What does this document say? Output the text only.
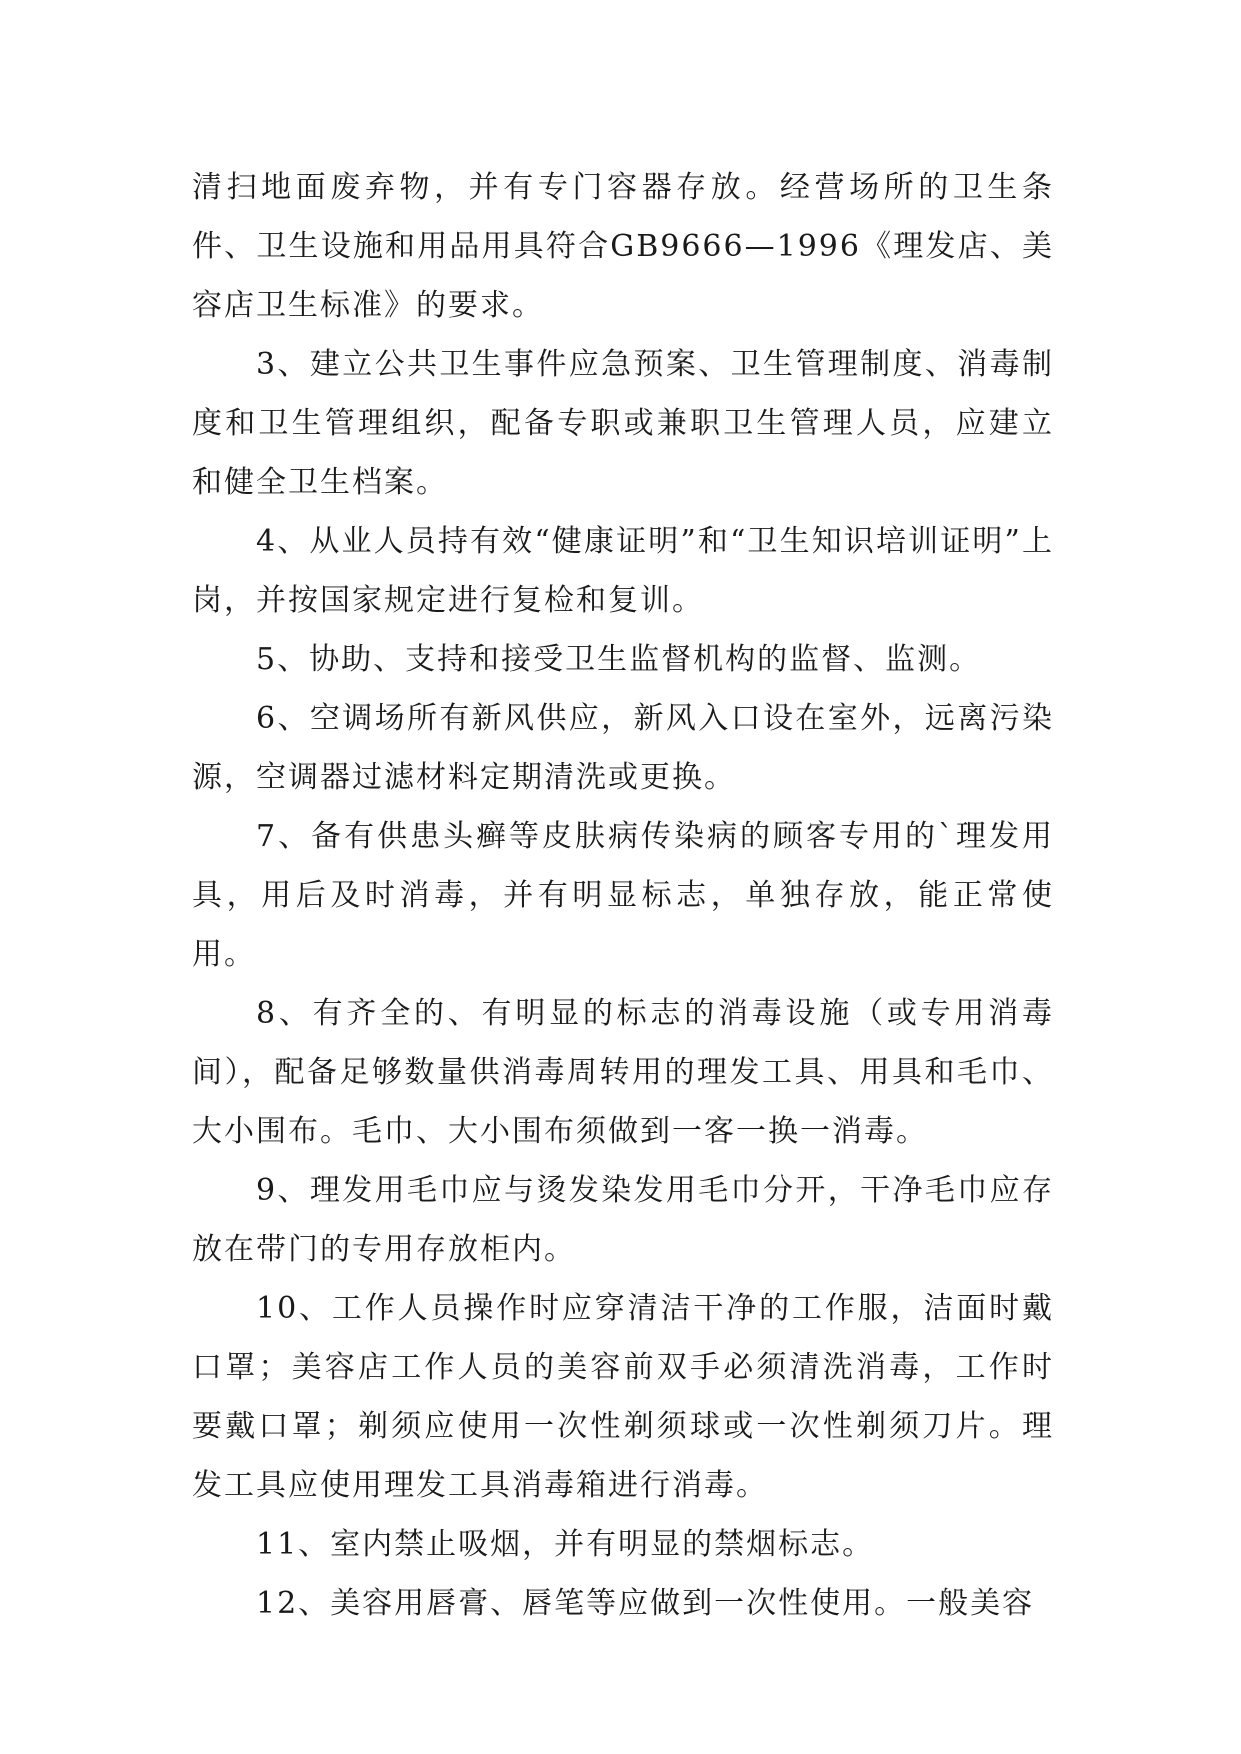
清扫地面废弃物，并有专门容器存放。经营场所的卫生条件、卫生设施和用品用具符合GB9666—1996《理发店、美容店卫生标准》的要求。

3、建立公共卫生事件应急预案、卫生管理制度、消毒制度和卫生管理组织，配备专职或兼职卫生管理人员，应建立和健全卫生档案。

4、从业人员持有效“健康证明”和“卫生知识培训证明”上岗，并按国家规定进行复检和复训。

5、协助、支持和接受卫生监督机构的监督、监测。

6、空调场所有新风供应，新风入口设在室外，远离污染源，空调器过滤材料定期清洗或更换。

7、备有供患头癣等皮肤病传染病的顾客专用的`理发用具，用后及时消毒，并有明显标志，单独存放，能正常使用。

8、有齐全的、有明显的标志的消毒设施（或专用消毒间），配备足够数量供消毒周转用的理发工具、用具和毛巾、大小围布。毛巾、大小围布须做到一客一换一消毒。

9、理发用毛巾应与烫发染发用毛巾分开，干净毛巾应存放在带门的专用存放柜内。

10、工作人员操作时应穿清洁干净的工作服，洁面时戴口罩；美容店工作人员的美容前双手必须清洗消毒，工作时要戴口罩；剃须应使用一次性剃须球或一次性剃须刀片。理发工具应使用理发工具消毒箱进行消毒。

11、室内禁止吸烟，并有明显的禁烟标志。

12、美容用唇膏、唇笔等应做到一次性使用。一般美容
